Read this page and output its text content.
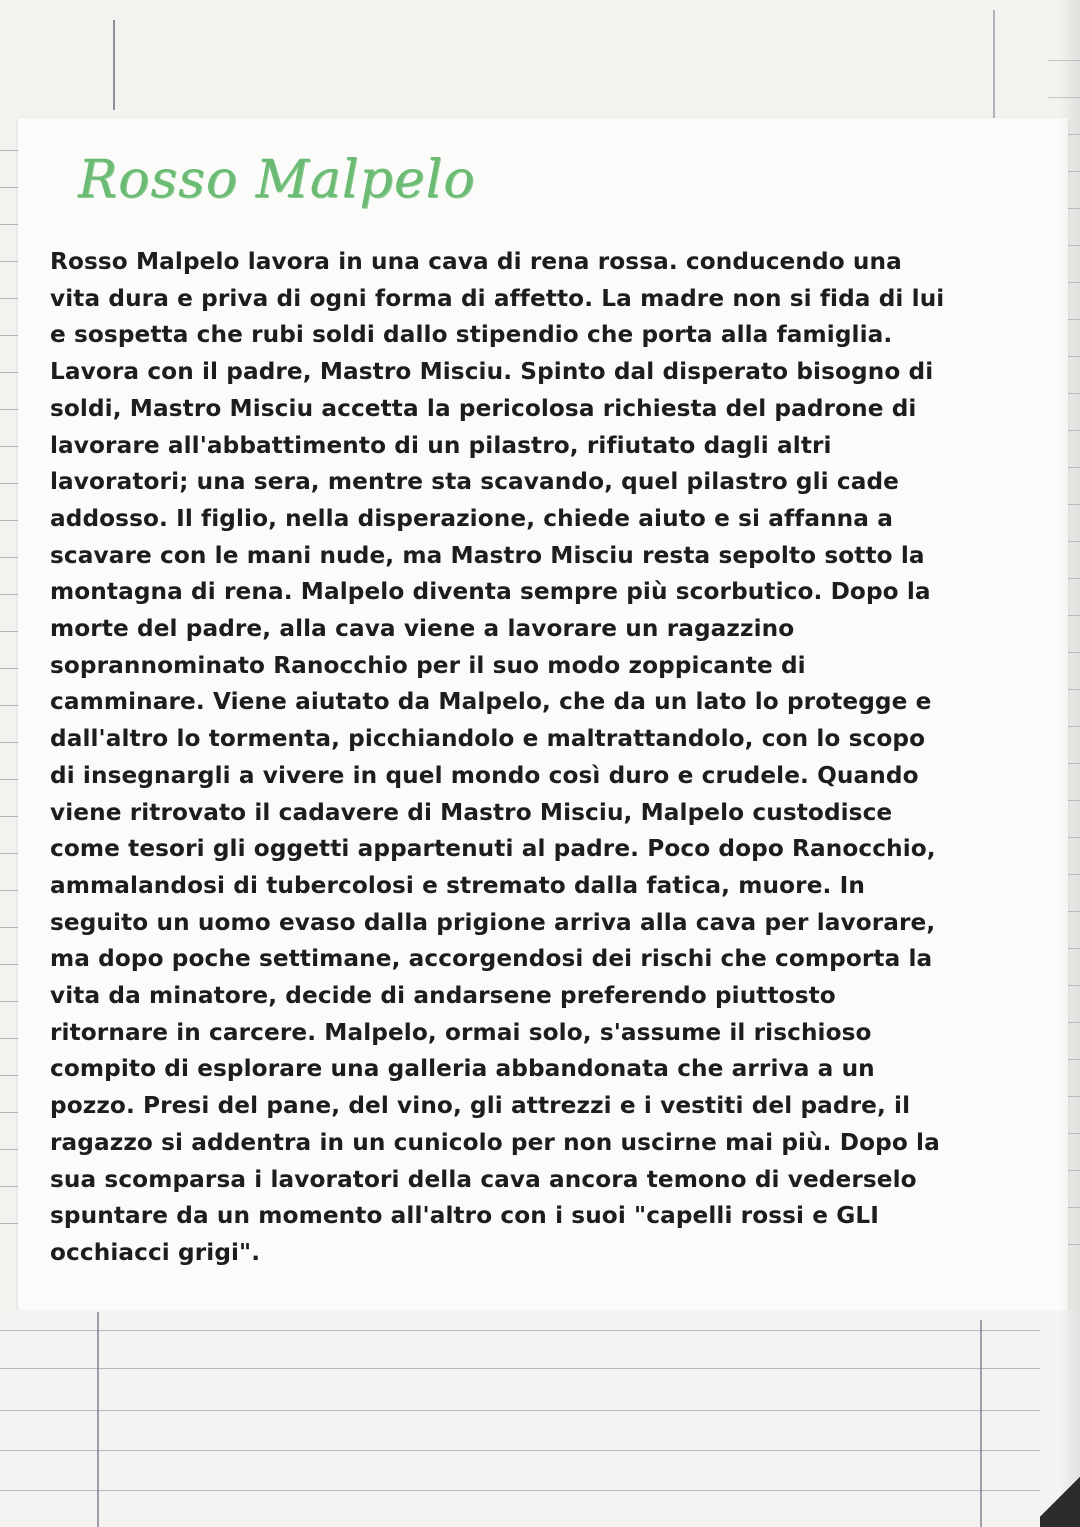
Rosso Malpelo
Rosso Malpelo lavora in una cava di rena rossa. conducendo una
vita dura e priva di ogni forma di affetto. La madre non si fida di lui
e sospetta che rubi soldi dallo stipendio che porta alla famiglia.
Lavora con il padre, Mastro Misciu. Spinto dal disperato bisogno di
soldi, Mastro Misciu accetta la pericolosa richiesta del padrone di
lavorare all'abbattimento di un pilastro, rifiutato dagli altri
lavoratori; una sera, mentre sta scavando, quel pilastro gli cade
addosso. Il figlio, nella disperazione, chiede aiuto e si affanna a
scavare con le mani nude, ma Mastro Misciu resta sepolto sotto la
montagna di rena. Malpelo diventa sempre più scorbutico. Dopo la
morte del padre, alla cava viene a lavorare un ragazzino
soprannominato Ranocchio per il suo modo zoppicante di
camminare. Viene aiutato da Malpelo, che da un lato lo protegge e
dall'altro lo tormenta, picchiandolo e maltrattandolo, con lo scopo
di insegnargli a vivere in quel mondo così duro e crudele. Quando
viene ritrovato il cadavere di Mastro Misciu, Malpelo custodisce
come tesori gli oggetti appartenuti al padre. Poco dopo Ranocchio,
ammalandosi di tubercolosi e stremato dalla fatica, muore. In
seguito un uomo evaso dalla prigione arriva alla cava per lavorare,
ma dopo poche settimane, accorgendosi dei rischi che comporta la
vita da minatore, decide di andarsene preferendo piuttosto
ritornare in carcere. Malpelo, ormai solo, s'assume il rischioso
compito di esplorare una galleria abbandonata che arriva a un
pozzo. Presi del pane, del vino, gli attrezzi e i vestiti del padre, il
ragazzo si addentra in un cunicolo per non uscirne mai più. Dopo la
sua scomparsa i lavoratori della cava ancora temono di vederselo
spuntare da un momento all'altro con i suoi "capelli rossi e GLI
occhiacci grigi".
